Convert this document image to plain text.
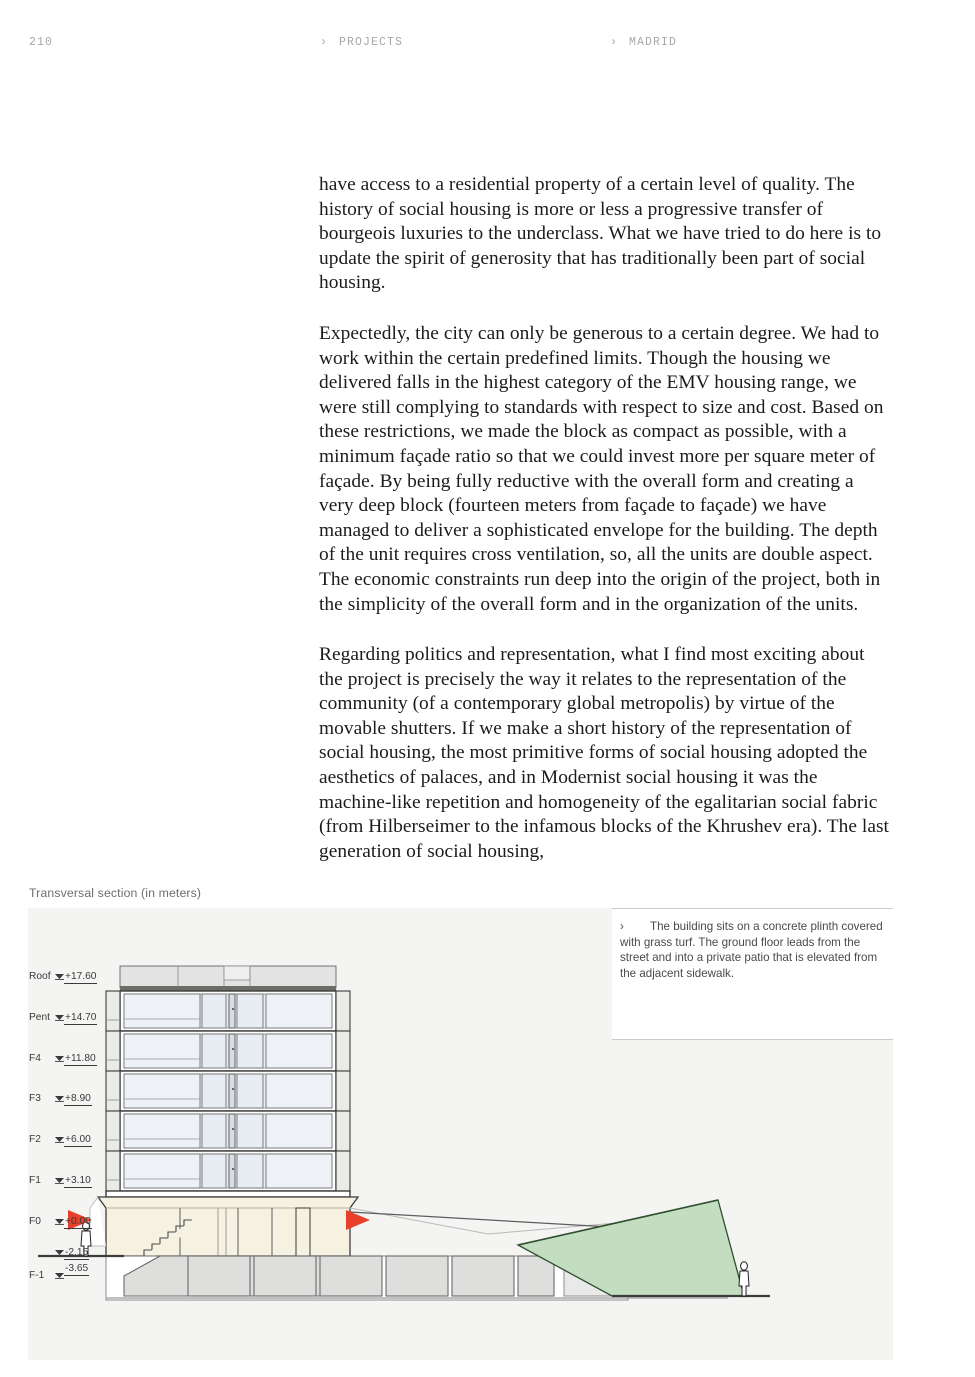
210	› PROJECTS	› MADRID

have access to a residential property of a certain level of quality. The history of social housing is more or less a progressive transfer of bourgeois luxuries to the underclass. What we have tried to do here is to update the spirit of generosity that has traditionally been part of social housing.

Expectedly, the city can only be generous to a certain degree. We had to work within the certain predefined limits. Though the housing we delivered falls in the highest category of the EMV housing range, we were still complying to standards with respect to size and cost. Based on these restrictions, we made the block as compact as possible, with a minimum façade ratio so that we could invest more per square meter of façade. By being fully reductive with the overall form and creating a very deep block (fourteen meters from façade to façade) we have managed to deliver a sophisticated envelope for the building. The depth of the unit requires cross ventilation, so, all the units are double aspect. The economic constraints run deep into the origin of the project, both in the simplicity of the overall form and in the organization of the units.

Regarding politics and representation, what I find most exciting about the project is precisely the way it relates to the representation of the community (of a contemporary global metropolis) by virtue of the movable shutters. If we make a short history of the representation of social housing, the most primitive forms of social housing adopted the aesthetics of palaces, and in Modernist social housing it was the machine-like repetition and homogeneity of the egalitarian social fabric (from Hilberseimer to the infamous blocks of the Khrushev era). The last generation of social housing,

Transversal section (in meters)
› The building sits on a concrete plinth covered with grass turf. The ground floor leads from the street and into a private patio that is elevated from the adjacent sidewalk.
Roof +17.60
Pent +14.70
F4 +11.80
F3 +8.90
F2 +6.00
F1 +3.10
F0 +0.00
-2.15
F-1
-3.65
